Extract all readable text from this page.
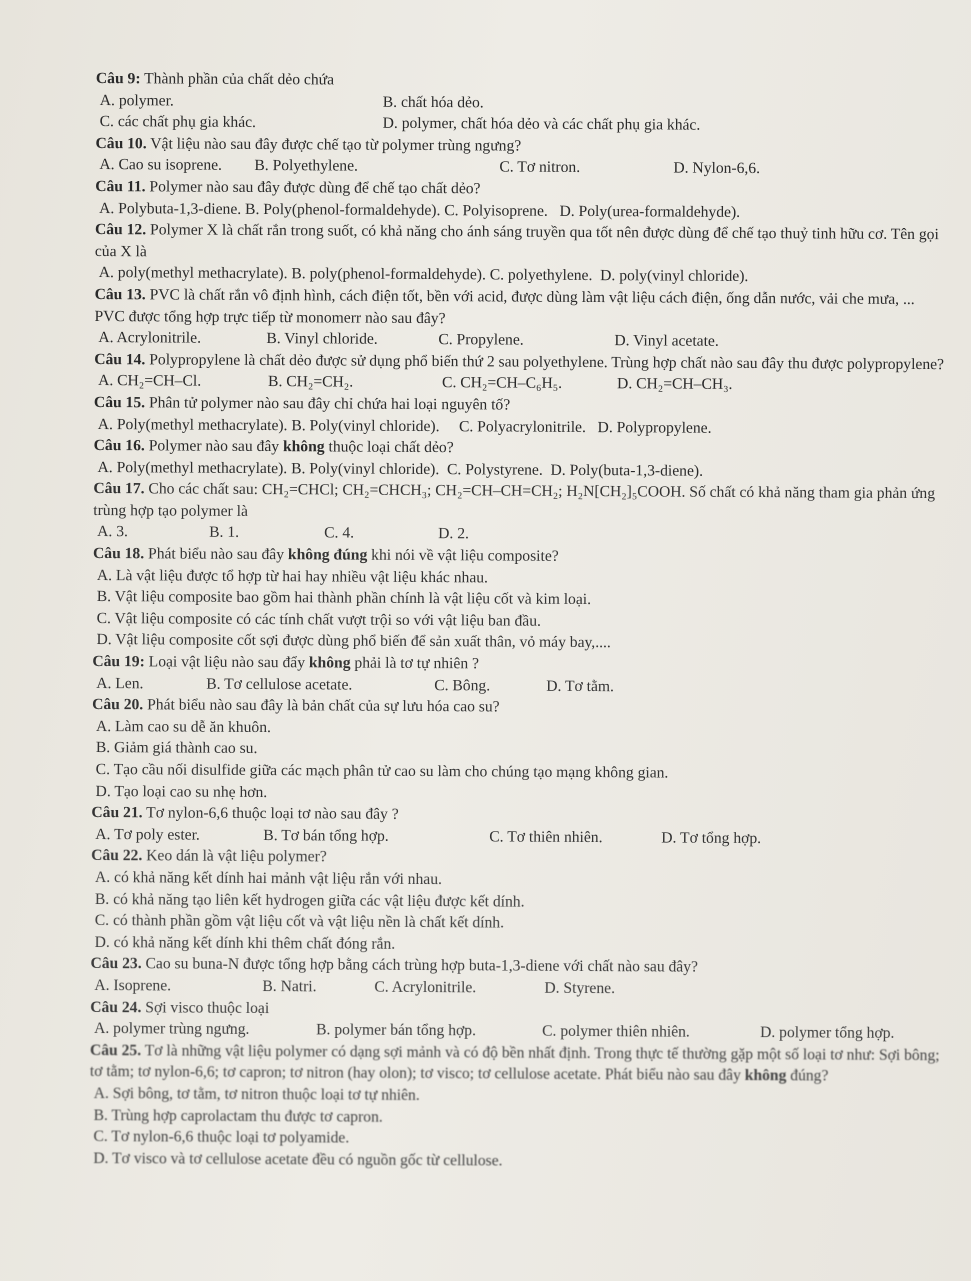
Câu 9: Thành phần của chất dẻo chứa

A. polymer.	B. chất hóa dẻo.
C. các chất phụ gia khác.	D. polymer, chất hóa dẻo và các chất phụ gia khác.

Câu 10. Vật liệu nào sau đây được chế tạo từ polymer trùng ngưng?

A. Cao su isoprene.	B. Polyethylene.	C. Tơ nitron.	D. Nylon-6,6.

Câu 11. Polymer nào sau đây được dùng để chế tạo chất dẻo?

A. Polybuta-1,3-diene. B. Poly(phenol-formaldehyde). C. Polyisoprene.   D. Poly(urea-formaldehyde).

Câu 12. Polymer X là chất rắn trong suốt, có khả năng cho ánh sáng truyền qua tốt nên được dùng để chế tạo thuỷ tinh hữu cơ. Tên gọi của X là

A. poly(methyl methacrylate). B. poly(phenol-formaldehyde). C. polyethylene.  D. poly(vinyl chloride).

Câu 13. PVC là chất rắn vô định hình, cách điện tốt, bền với acid, được dùng làm vật liệu cách điện, ống dẫn nước, vải che mưa, ... PVC được tổng hợp trực tiếp từ monomerr nào sau đây?

A. Acrylonitrile.	B. Vinyl chloride.	C. Propylene.	D. Vinyl acetate.

Câu 14. Polypropylene là chất dẻo được sử dụng phổ biến thứ 2 sau polyethylene. Trùng hợp chất nào sau đây thu được polypropylene?

A. CH₂=CH–Cl.	B. CH₂=CH₂.	C. CH₂=CH–C₆H₅.	D. CH₂=CH–CH₃.

Câu 15. Phân tử polymer nào sau đây chỉ chứa hai loại nguyên tố?

A. Poly(methyl methacrylate). B. Poly(vinyl chloride).     C. Polyacrylonitrile.   D. Polypropylene.

Câu 16. Polymer nào sau đây không thuộc loại chất dẻo?

A. Poly(methyl methacrylate). B. Poly(vinyl chloride).  C. Polystyrene.  D. Poly(buta-1,3-diene).

Câu 17. Cho các chất sau: CH₂=CHCl; CH₂=CHCH₃; CH₂=CH–CH=CH₂; H₂N[CH₂]₅COOH. Số chất có khả năng tham gia phản ứng trùng hợp tạo polymer là

A. 3.	B. 1.	C. 4.	D. 2.

Câu 18. Phát biểu nào sau đây không đúng khi nói về vật liệu composite?

A. Là vật liệu được tổ hợp từ hai hay nhiều vật liệu khác nhau.

B. Vật liệu composite bao gồm hai thành phần chính là vật liệu cốt và kim loại.

C. Vật liệu composite có các tính chất vượt trội so với vật liệu ban đầu.

D. Vật liệu composite cốt sợi được dùng phổ biến để sản xuất thân, vỏ máy bay,....

Câu 19: Loại vật liệu nào sau đẩy không phải là tơ tự nhiên ?

A. Len.	B. Tơ cellulose acetate.	C. Bông.	D. Tơ tằm.

Câu 20. Phát biểu nào sau đây là bản chất của sự lưu hóa cao su?

A. Làm cao su dễ ăn khuôn.

B. Giảm giá thành cao su.

C. Tạo cầu nối disulfide giữa các mạch phân tử cao su làm cho chúng tạo mạng không gian.

D. Tạo loại cao su nhẹ hơn.

Câu 21. Tơ nylon-6,6 thuộc loại tơ nào sau đây ?

A. Tơ poly ester.	B. Tơ bán tổng hợp.	C. Tơ thiên nhiên.	D. Tơ tổng hợp.

Câu 22. Keo dán là vật liệu polymer?

A. có khả năng kết dính hai mảnh vật liệu rắn với nhau.

B. có khả năng tạo liên kết hydrogen giữa các vật liệu được kết dính.

C. có thành phần gồm vật liệu cốt và vật liệu nền là chất kết dính.

D. có khả năng kết dính khi thêm chất đóng rắn.

Câu 23. Cao su buna-N được tổng hợp bằng cách trùng hợp buta-1,3-diene với chất nào sau đây?

A. Isoprene.	B. Natri.	C. Acrylonitrile.	D. Styrene.

Câu 24. Sợi visco thuộc loại

A. polymer trùng ngưng.	B. polymer bán tổng hợp.	C. polymer thiên nhiên.	D. polymer tổng hợp.

Câu 25. Tơ là những vật liệu polymer có dạng sợi mảnh và có độ bền nhất định. Trong thực tế thường gặp một số loại tơ như: Sợi bông; tơ tằm; tơ nylon-6,6; tơ capron; tơ nitron (hay olon); tơ visco; tơ cellulose acetate. Phát biểu nào sau đây không đúng?

A. Sợi bông, tơ tằm, tơ nitron thuộc loại tơ tự nhiên.

B. Trùng hợp caprolactam thu được tơ capron.

C. Tơ nylon-6,6 thuộc loại tơ polyamide.

D. Tơ visco và tơ cellulose acetate đều có nguồn gốc từ cellulose.
